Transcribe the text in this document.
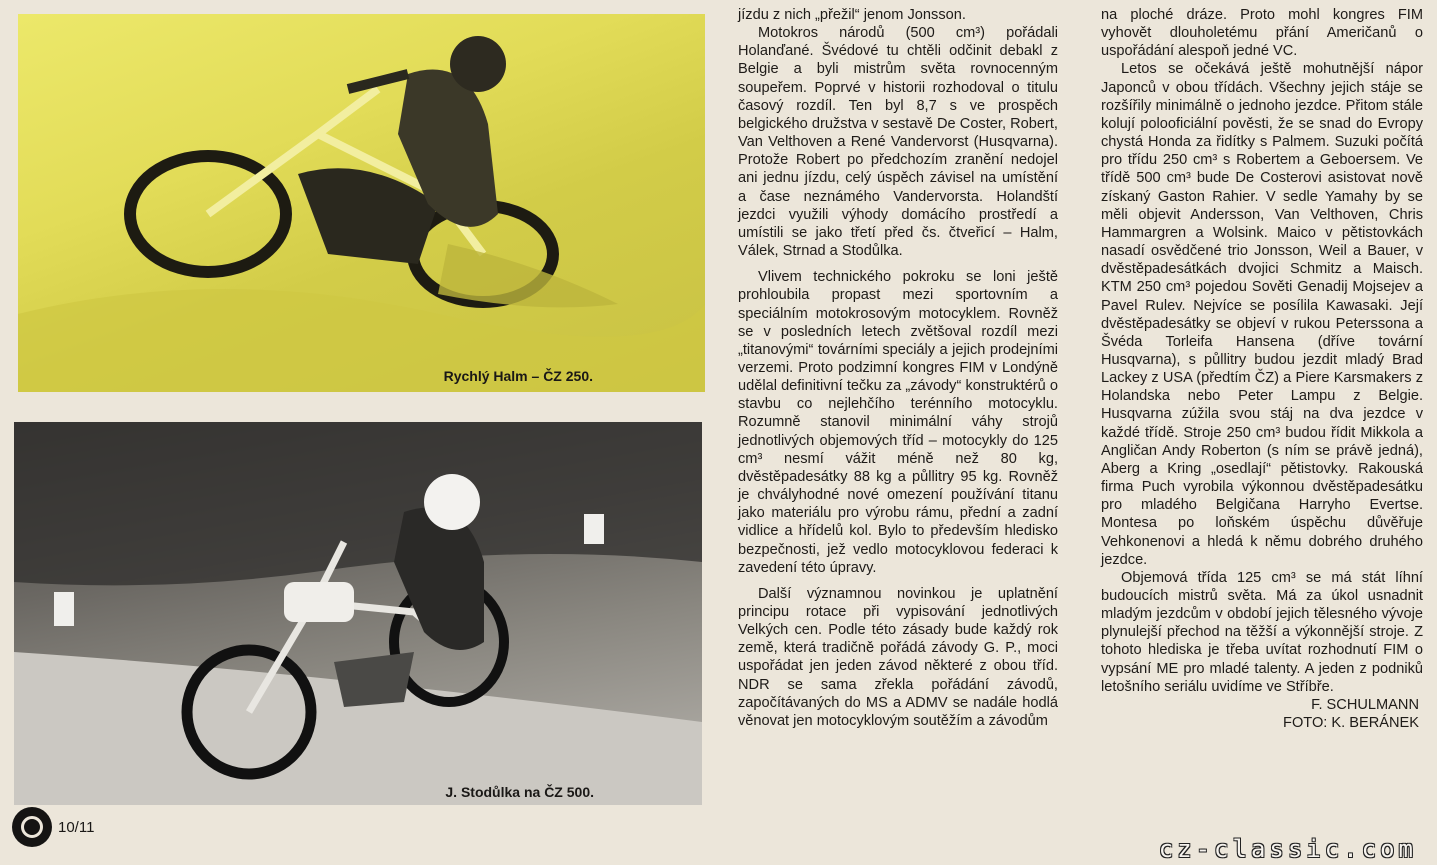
Rychlý Halm – ČZ 250.
J. Stodůlka na ČZ 500.

jízdu z nich „přežil“ jenom Jonsson.

Motokros národů (500 cm³) pořádali Holanďané. Švédové tu chtěli odčinit debakl z Belgie a byli mistrům světa rovnocenným soupeřem. Poprvé v historii rozhodoval o titulu časový rozdíl. Ten byl 8,7 s ve prospěch belgického družstva v sestavě De Coster, Robert, Van Velthoven a René Vandervorst (Husqvarna). Protože Robert po předchozím zranění nedojel ani jednu jízdu, celý úspěch závisel na umístění a čase neznámého Vandervorsta. Holandští jezdci využili výhody domácího prostředí a umístili se jako třetí před čs. čtveřicí – Halm, Válek, Strnad a Stodůlka.

Vlivem technického pokroku se loni ještě prohloubila propast mezi sportovním a speciálním motokrosovým motocyklem. Rovněž se v posledních letech zvětšoval rozdíl mezi „titanovými“ továrními speciály a jejich prodejními verzemi. Proto podzimní kongres FIM v Londýně udělal definitivní tečku za „závody“ konstruktérů o stavbu co nejlehčího terénního motocyklu. Rozumně stanovil minimální váhy strojů jednotlivých objemových tříd – motocykly do 125 cm³ nesmí vážit méně než 80 kg, dvěstěpadesátky 88 kg a půllitry 95 kg. Rovněž je chvályhodné nové omezení používání titanu jako materiálu pro výrobu rámu, přední a zadní vidlice a hřídelů kol. Bylo to především hledisko bezpečnosti, jež vedlo motocyklovou federaci k zavedení této úpravy.

Další významnou novinkou je uplatnění principu rotace při vypisování jednotlivých Velkých cen. Podle této zásady bude každý rok země, která tradičně pořádá závody G. P., moci uspořádat jen jeden závod některé z obou tříd. NDR se sama zřekla pořádání závodů, započítávaných do MS a ADMV se nadále hodlá věnovat jen motocyklovým soutěžím a závodům

na ploché dráze. Proto mohl kongres FIM vyhovět dlouholetému přání Američanů o uspořádání alespoň jedné VC.

Letos se očekává ještě mohutnější nápor Japonců v obou třídách. Všechny jejich stáje se rozšířily minimálně o jednoho jezdce. Přitom stále kolují polooficiální pověsti, že se snad do Evropy chystá Honda za řidítky s Palmem. Suzuki počítá pro třídu 250 cm³ s Robertem a Geboersem. Ve třídě 500 cm³ bude De Costerovi asistovat nově získaný Gaston Rahier. V sedle Yamahy by se měli objevit Andersson, Van Velthoven, Chris Hammargren a Wolsink. Maico v pětistovkách nasadí osvědčené trio Jonsson, Weil a Bauer, v dvěstěpadesátkách dvojici Schmitz a Maisch. KTM 250 cm³ pojedou Sověti Genadij Mojsejev a Pavel Rulev. Nejvíce se posílila Kawasaki. Její dvěstěpadesátky se objeví v rukou Peterssona a Švéda Torleifa Hansena (dříve tovární Husqvarna), s půllitry budou jezdit mladý Brad Lackey z USA (předtím ČZ) a Piere Karsmakers z Holandska nebo Peter Lampu z Belgie. Husqvarna zúžila svou stáj na dva jezdce v každé třídě. Stroje 250 cm³ budou řídit Mikkola a Angličan Andy Roberton (s ním se právě jedná), Aberg a Kring „osedlají“ pětistovky. Rakouská firma Puch vyrobila výkonnou dvěstěpadesátku pro mladého Belgičana Harryho Evertse. Montesa po loňském úspěchu důvěřuje Vehkonenovi a hledá k němu dobrého druhého jezdce.

Objemová třída 125 cm³ se má stát líhní budoucích mistrů světa. Má za úkol usnadnit mladým jezdcům v období jejich tělesného vývoje plynulejší přechod na těžší a výkonnější stroje. Z tohoto hlediska je třeba uvítat rozhodnutí FIM o vypsání ME pro mladé talenty. A jeden z podniků letošního seriálu uvidíme ve Stříbře.

F. SCHULMANN

FOTO: K. BERÁNEK

10/11
cz-classic.com
